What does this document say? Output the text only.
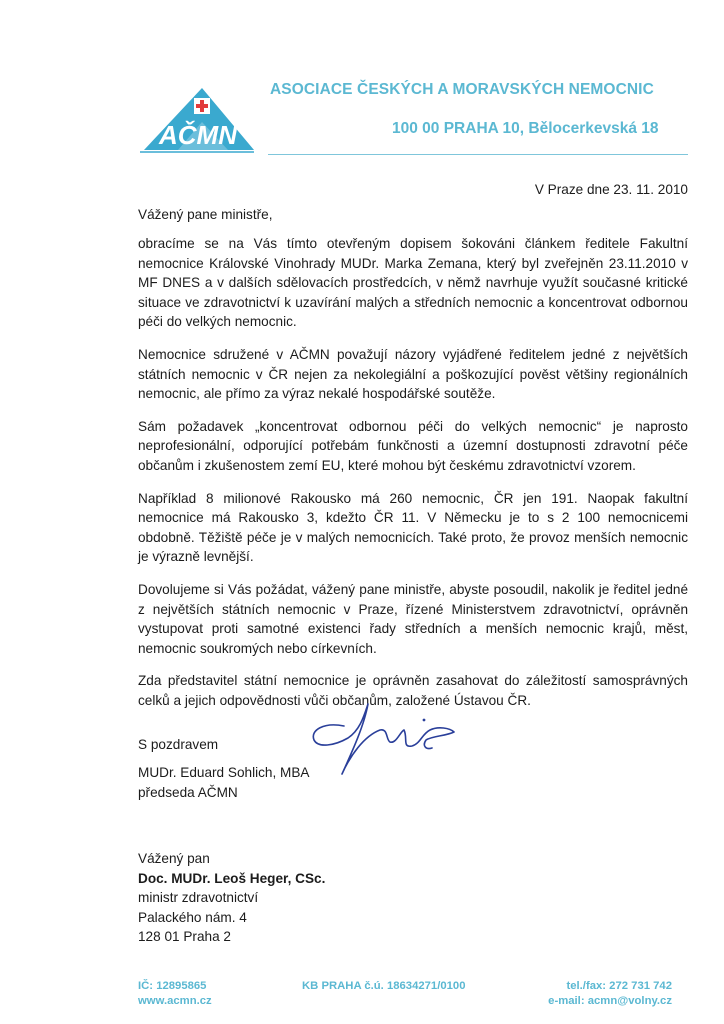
AČMN
ASOCIACE ČESKÝCH A MORAVSKÝCH NEMOCNIC
100 00 PRAHA 10, Bělocerkevská 18
V Praze dne 23. 11. 2010
Vážený pane ministře,

obracíme se na Vás tímto otevřeným dopisem šokováni článkem ředitele Fakultní nemocnice Královské Vinohrady MUDr. Marka Zemana, který byl zveřejněn 23.11.2010 v MF DNES a v dalších sdělovacích prostředcích, v němž navrhuje využít současné kritické situace ve zdravotnictví k uzavírání malých a středních nemocnic a koncentrovat odbornou péči do velkých nemocnic.

Nemocnice sdružené v AČMN považují názory vyjádřené ředitelem jedné z největších státních nemocnic v ČR nejen za nekolegiální a poškozující pověst většiny regionálních nemocnic, ale přímo za výraz nekalé hospodářské soutěže.

Sám požadavek „koncentrovat odbornou péči do velkých nemocnic“ je naprosto neprofesionální, odporující potřebám funkčnosti a územní dostupnosti zdravotní péče občanům i zkušenostem zemí EU, které mohou být českému zdravotnictví vzorem.

Například 8 milionové Rakousko má 260 nemocnic, ČR jen 191. Naopak fakultní nemocnice má Rakousko 3, kdežto ČR 11. V Německu je to s 2 100 nemocnicemi obdobně. Těžiště péče je v malých nemocnicích. Také proto, že provoz menších nemocnic je výrazně levnější.

Dovolujeme si Vás požádat, vážený pane ministře, abyste posoudil, nakolik je ředitel jedné z největších státních nemocnic v Praze, řízené Ministerstvem zdravotnictví, oprávněn vystupovat proti samotné existenci řady středních a menších nemocnic krajů, měst, nemocnic soukromých nebo církevních.

Zda představitel státní nemocnice je oprávněn zasahovat do záležitostí samosprávných celků a jejich odpovědnosti vůči občanům, založené Ústavou ČR.

S pozdravem
MUDr. Eduard Sohlich, MBA
předseda AČMN
Vážený pan
Doc. MUDr. Leoš Heger, CSc.
ministr zdravotnictví
Palackého nám. 4
128 01 Praha 2
IČ: 12895865
www.acmn.cz
KB PRAHA č.ú. 18634271/0100	tel./fax: 272 731 742
e-mail: acmn@volny.cz
